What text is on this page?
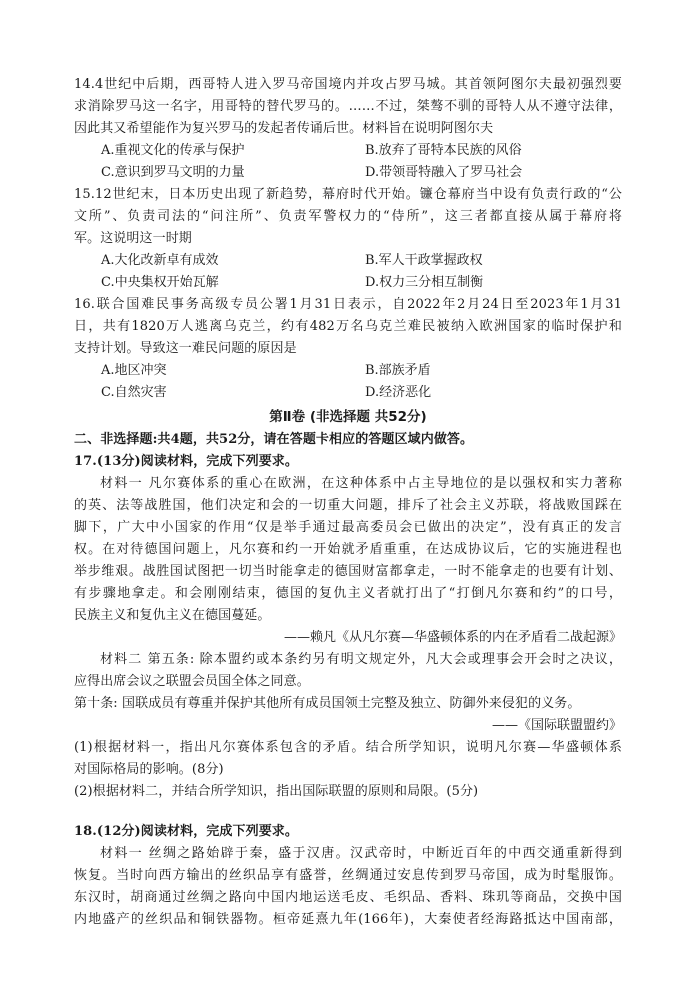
14.4世纪中后期，西哥特人进入罗马帝国境内并攻占罗马城。其首领阿图尔夫最初强烈要
求消除罗马这一名字，用哥特的替代罗马的。……不过，桀骜不驯的哥特人从不遵守法律，
因此其又希望能作为复兴罗马的发起者传诵后世。材料旨在说明阿图尔夫
A.重视文化的传承与保护	B.放弃了哥特本民族的风俗
C.意识到罗马文明的力量	D.带领哥特融入了罗马社会
15.12世纪末，日本历史出现了新趋势，幕府时代开始。镰仓幕府当中设有负责行政的“公
文所”、负责司法的“问注所”、负责军警权力的“侍所”，这三者都直接从属于幕府将
军。这说明这一时期
A.大化改新卓有成效	B.军人干政掌握政权
C.中央集权开始瓦解	D.权力三分相互制衡
16.联合国难民事务高级专员公署1月31日表示，自2022年2月24日至2023年1月31
日，共有1820万人逃离乌克兰，约有482万名乌克兰难民被纳入欧洲国家的临时保护和
支持计划。导致这一难民问题的原因是
A.地区冲突	B.部族矛盾
C.自然灾害	D.经济恶化
第Ⅱ卷 (非选择题 共52分)
二、非选择题:共4题，共52分，请在答题卡相应的答题区域内做答。
17.(13分)阅读材料，完成下列要求。
材料一 凡尔赛体系的重心在欧洲，在这种体系中占主导地位的是以强权和实力著称
的英、法等战胜国，他们决定和会的一切重大问题，排斥了社会主义苏联，将战败国踩在
脚下，广大中小国家的作用“仅是举手通过最高委员会已做出的决定”，没有真正的发言
权。在对待德国问题上，凡尔赛和约一开始就矛盾重重，在达成协议后，它的实施进程也
举步维艰。战胜国试图把一切当时能拿走的德国财富都拿走，一时不能拿走的也要有计划、
有步骤地拿走。和会刚刚结束，德国的复仇主义者就打出了“打倒凡尔赛和约”的口号，
民族主义和复仇主义在德国蔓延。
——赖凡《从凡尔赛—华盛顿体系的内在矛盾看二战起源》
材料二 第五条: 除本盟约或本条约另有明文规定外，凡大会或理事会开会时之决议，
应得出席会议之联盟会员国全体之同意。
第十条: 国联成员有尊重并保护其他所有成员国领土完整及独立、防御外来侵犯的义务。
——《国际联盟盟约》
(1)根据材料一，指出凡尔赛体系包含的矛盾。结合所学知识，说明凡尔赛—华盛顿体系
对国际格局的影响。(8分)
(2)根据材料二，并结合所学知识，指出国际联盟的原则和局限。(5分)
18.(12分)阅读材料，完成下列要求。
材料一 丝绸之路始辟于秦，盛于汉唐。汉武帝时，中断近百年的中西交通重新得到
恢复。当时向西方输出的丝织品享有盛誉，丝绸通过安息传到罗马帝国，成为时髦服饰。
东汉时，胡商通过丝绸之路向中国内地运送毛皮、毛织品、香料、珠玑等商品，交换中国
内地盛产的丝织品和铜铁器物。桓帝延熹九年(166年)，大秦使者经海路抵达中国南部，
